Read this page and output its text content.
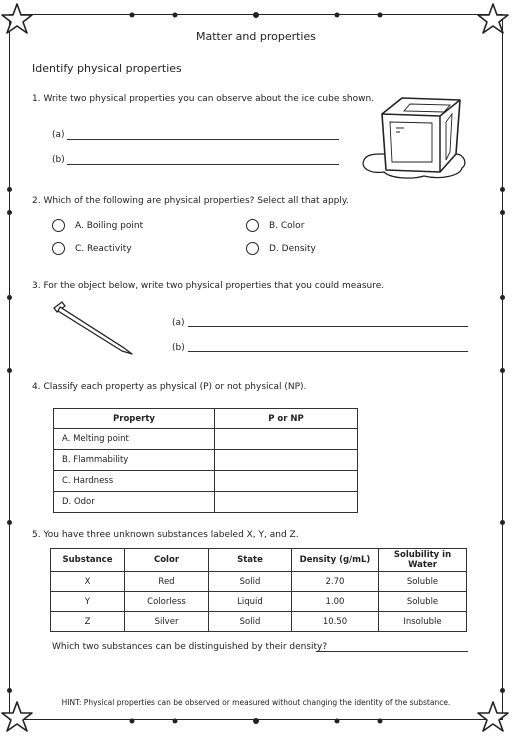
Matter and properties
Identify physical properties
1. Write two physical properties you can observe about the ice cube shown.
(a)
(b)
2. Which of the following are physical properties? Select all that apply.
A. Boiling point	B. Color
C. Reactivity	D. Density
3. For the object below, write two physical properties that you could measure.
(a)
(b)
4. Classify each property as physical (P) or not physical (NP).
Property	P or NP
A. Melting point	
B. Flammability	
C. Hardness	
D. Odor	
5. You have three unknown substances labeled X, Y, and Z.
Substance	Color	State	Density (g/mL)	Solubility in Water
X	Red	Solid	2.70	Soluble
Y	Colorless	Liquid	1.00	Soluble
Z	Silver	Solid	10.50	Insoluble
Which two substances can be distinguished by their density?
HINT: Physical properties can be observed or measured without changing the identity of the substance.
